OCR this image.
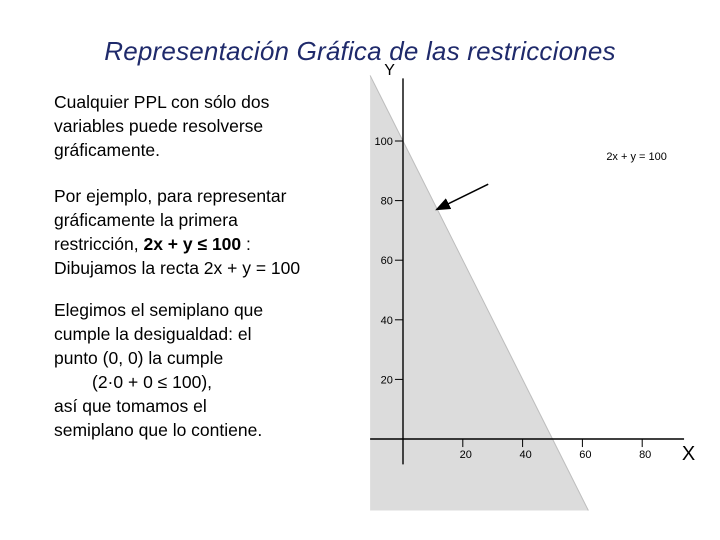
Representación Gráfica de las restricciones
Cualquier PPL con sólo dos
variables puede resolverse
gráficamente.
Por ejemplo, para representar
gráficamente la primera
restricción, 2x + y ≤ 100 :
Dibujamos la recta 2x + y = 100
Elegimos el semiplano que
cumple la desigualdad: el
punto (0, 0) la cumple
(2·0 + 0 ≤ 100),
así que tomamos el
semiplano que lo contiene.
20
40
60
80
100
20	40	60	80
Y
X
2x + y = 100
